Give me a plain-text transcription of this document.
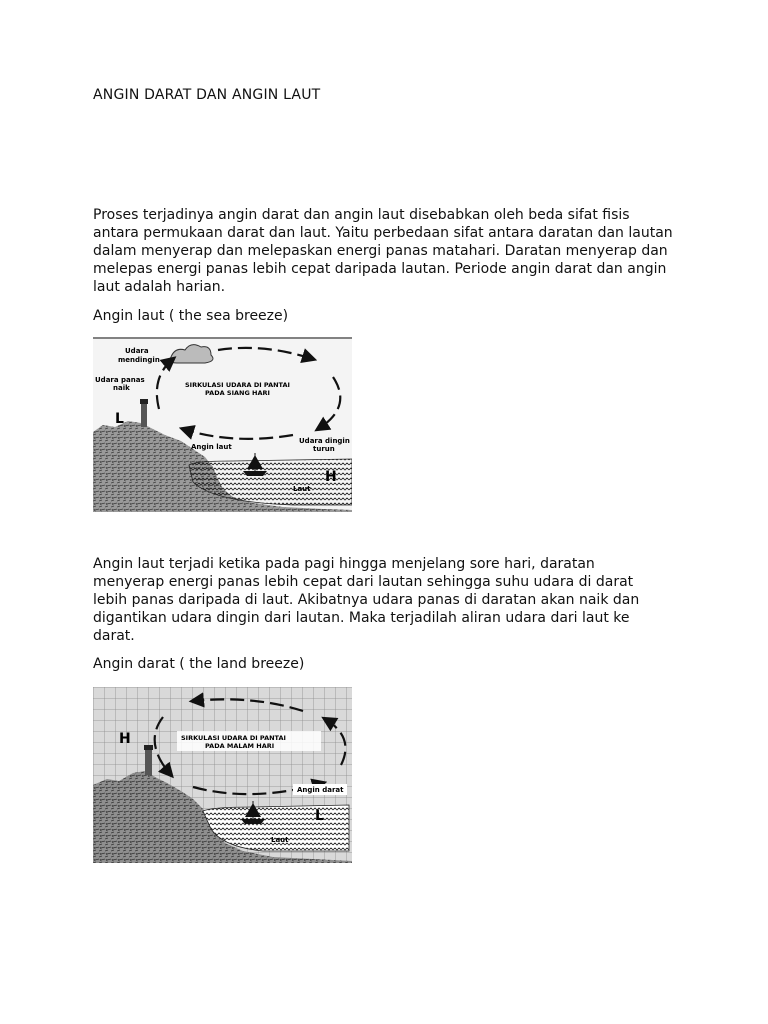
ANGIN DARAT DAN ANGIN LAUT

Proses terjadinya angin darat dan angin laut disebabkan oleh beda sifat fisis antara permukaan darat dan laut. Yaitu perbedaan sifat antara daratan dan lautan dalam menyerap dan melepaskan energi panas matahari. Daratan menyerap dan melepas energi panas lebih cepat daripada lautan. Periode angin darat dan angin laut adalah harian.

Angin laut ( the sea breeze)
Udara
mendingin
Udara panas
naik	SIRKULASI UDARA DI PANTAI
PADA SIANG HARI
L
Angin laut
Udara dingin
turun
H
Laut

Angin laut terjadi ketika pada pagi hingga menjelang sore hari, daratan menyerap energi panas lebih cepat dari lautan sehingga suhu udara di darat lebih panas daripada di laut. Akibatnya udara panas di daratan akan naik dan digantikan udara dingin dari lautan. Maka terjadilah aliran udara dari laut ke darat.

Angin darat ( the land breeze)
SIRKULASI UDARA DI PANTAI
PADA MALAM HARI
H
Angin darat
L
Laut
